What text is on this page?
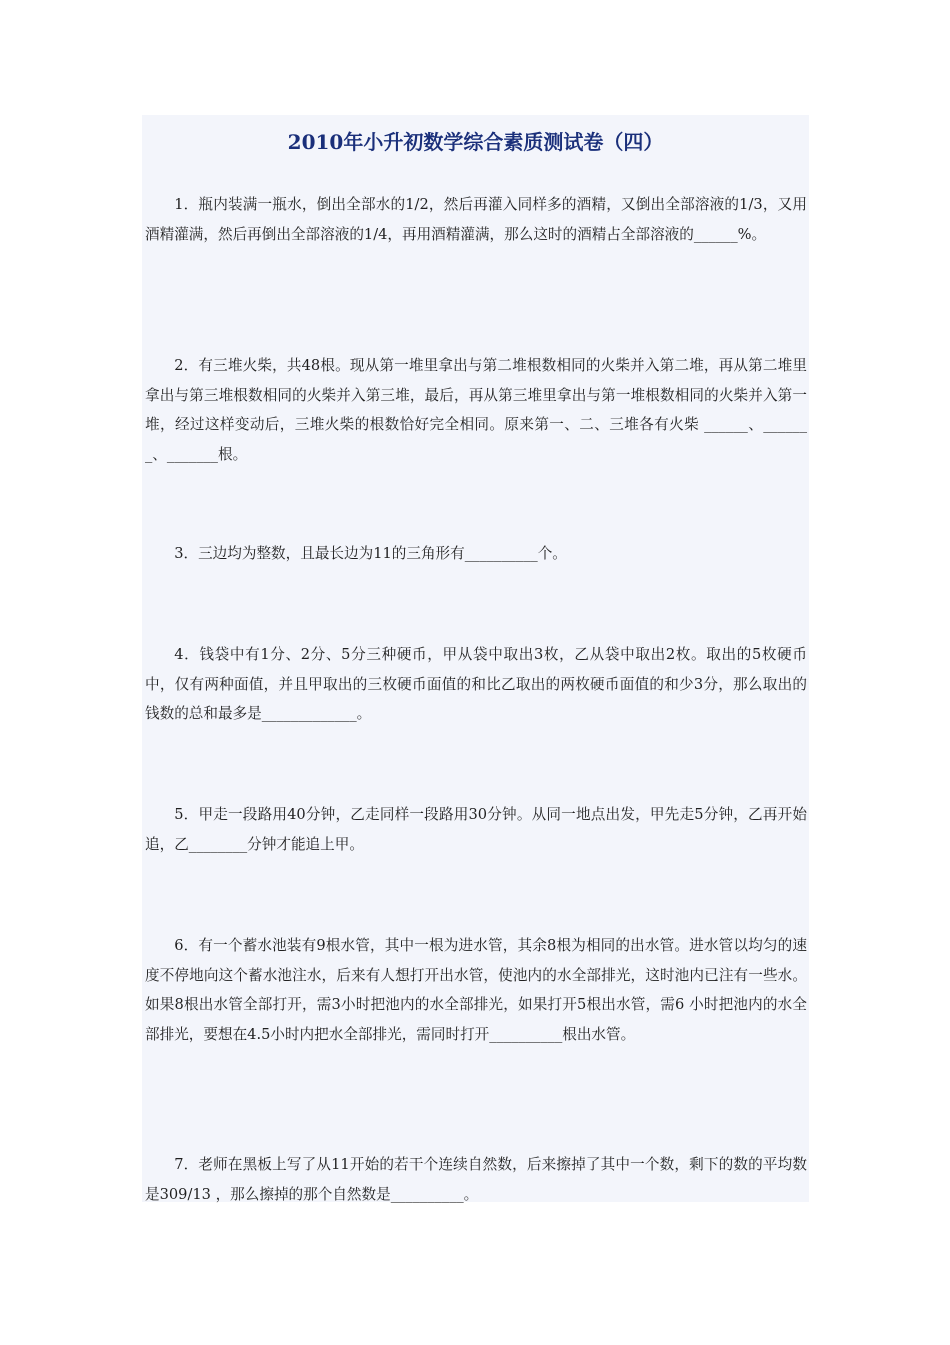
2010年小升初数学综合素质测试卷（四）

1．瓶内装满一瓶水，倒出全部水的1/2，然后再灌入同样多的酒精，又倒出全部溶液的1/3，又用酒精灌满，然后再倒出全部溶液的1/4，再用酒精灌满，那么这时的酒精占全部溶液的______%。

2．有三堆火柴，共48根。现从第一堆里拿出与第二堆根数相同的火柴并入第二堆，再从第二堆里拿出与第三堆根数相同的火柴并入第三堆，最后，再从第三堆里拿出与第一堆根数相同的火柴并入第一堆，经过这样变动后，三堆火柴的根数恰好完全相同。原来第一、二、三堆各有火柴 ______、_______、_______根。

3．三边均为整数，且最长边为11的三角形有__________个。

4．钱袋中有1分、2分、5分三种硬币，甲从袋中取出3枚，乙从袋中取出2枚。取出的5枚硬币中，仅有两种面值，并且甲取出的三枚硬币面值的和比乙取出的两枚硬币面值的和少3分，那么取出的钱数的总和最多是_____________。

5．甲走一段路用40分钟，乙走同样一段路用30分钟。从同一地点出发，甲先走5分钟，乙再开始追，乙________分钟才能追上甲。

6．有一个蓄水池装有9根水管，其中一根为进水管，其余8根为相同的出水管。进水管以均匀的速度不停地向这个蓄水池注水，后来有人想打开出水管，使池内的水全部排光，这时池内已注有一些水。如果8根出水管全部打开，需3小时把池内的水全部排光，如果打开5根出水管，需6 小时把池内的水全部排光，要想在4.5小时内把水全部排光，需同时打开__________根出水管。

7．老师在黑板上写了从11开始的若干个连续自然数，后来擦掉了其中一个数，剩下的数的平均数是309/13 ，那么擦掉的那个自然数是__________。
